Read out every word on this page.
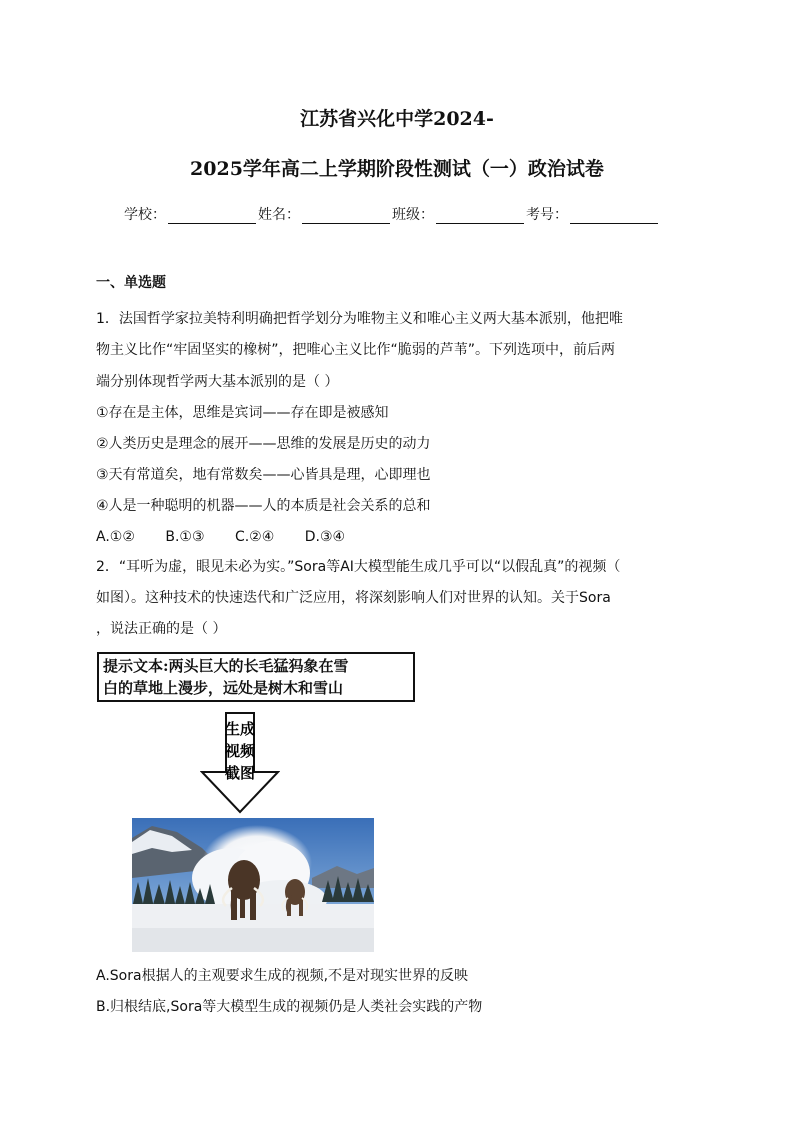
江苏省兴化中学2024-
2025学年高二上学期阶段性测试（一）政治试卷
学校：	姓名：	班级：	考号：
一、单选题
1．法国哲学家拉美特利明确把哲学划分为唯物主义和唯心主义两大基本派别，他把唯
物主义比作“牢固坚实的橡树”，把唯心主义比作“脆弱的芦苇”。下列选项中，前后两
端分别体现哲学两大基本派别的是（ ）
①存在是主体，思维是宾词——存在即是被感知
②人类历史是理念的展开——思维的发展是历史的动力
③天有常道矣，地有常数矣——心皆具是理，心即理也
④人是一种聪明的机器——人的本质是社会关系的总和
A.①② B.①③ C.②④ D.③④
2．“耳听为虚，眼见未必为实。”Sora等AI大模型能生成几乎可以“以假乱真”的视频（
如图）。这种技术的快速迭代和广泛应用，将深刻影响人们对世界的认知。关于Sora
，说法正确的是（ ）
提示文本:两头巨大的长毛猛犸象在雪
白的草地上漫步，远处是树木和雪山
生成
视频
截图
A.Sora根据人的主观要求生成的视频,不是对现实世界的反映
B.归根结底,Sora等大模型生成的视频仍是人类社会实践的产物
